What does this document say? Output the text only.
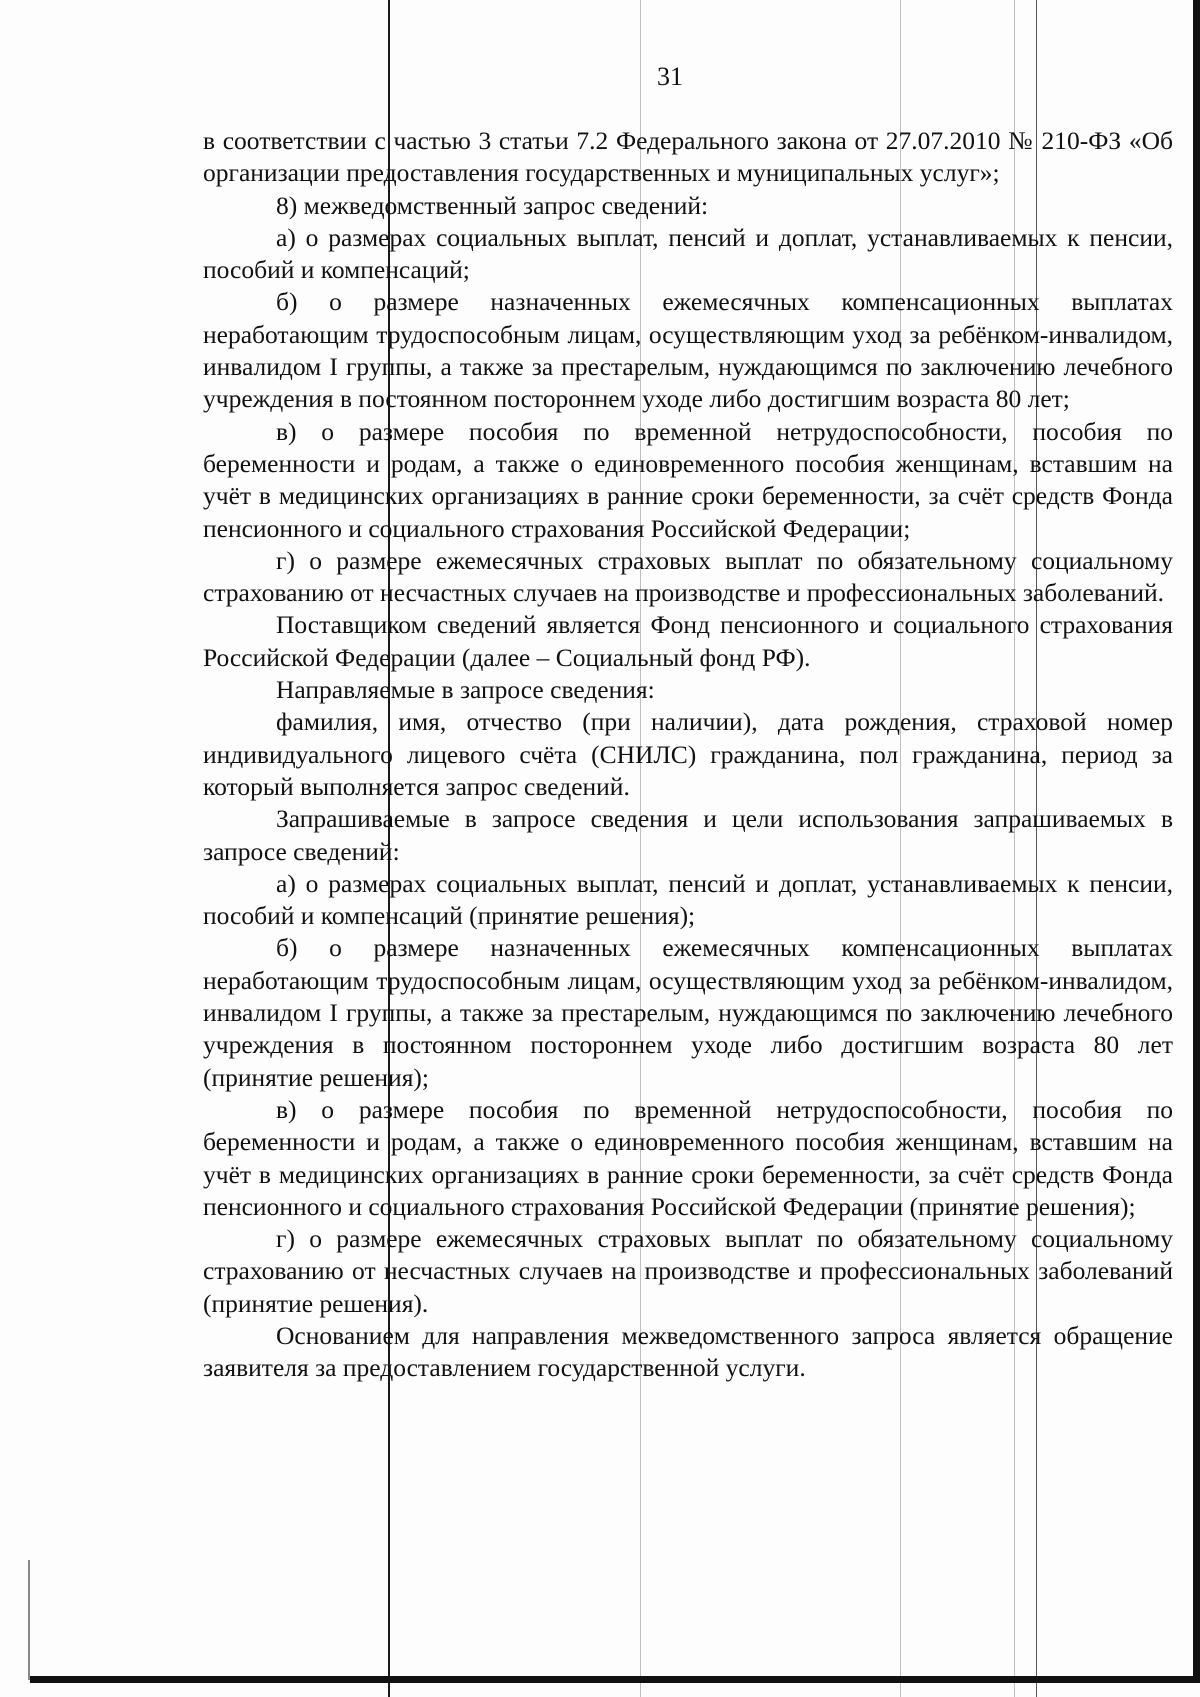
31

в соответствии с частью 3 статьи 7.2 Федерального закона от 27.07.2010 № 210-ФЗ «Об организации предоставления государственных и муниципальных услуг»;

8) межведомственный запрос сведений:

а) о размерах социальных выплат, пенсий и доплат, устанавливаемых к пенсии, пособий и компенсаций;

б) о размере назначенных ежемесячных компенсационных выплатах неработающим трудоспособным лицам, осуществляющим уход за ребёнком-инвалидом, инвалидом I группы, а также за престарелым, нуждающимся по заключению лечебного учреждения в постоянном постороннем уходе либо достигшим возраста 80 лет;

в) о размере пособия по временной нетрудоспособности, пособия по беременности и родам, а также о единовременного пособия женщинам, вставшим на учёт в медицинских организациях в ранние сроки беременности, за счёт средств Фонда пенсионного и социального страхования Российской Федерации;

г) о размере ежемесячных страховых выплат по обязательному социальному страхованию от несчастных случаев на производстве и профессиональных заболеваний.

Поставщиком сведений является Фонд пенсионного и социального страхования Российской Федерации (далее – Социальный фонд РФ).

Направляемые в запросе сведения:

фамилия, имя, отчество (при наличии), дата рождения, страховой номер индивидуального лицевого счёта (СНИЛС) гражданина, пол гражданина, период за который выполняется запрос сведений.

Запрашиваемые в запросе сведения и цели использования запрашиваемых в запросе сведений:

а) о размерах социальных выплат, пенсий и доплат, устанавливаемых к пенсии, пособий и компенсаций (принятие решения);

б) о размере назначенных ежемесячных компенсационных выплатах неработающим трудоспособным лицам, осуществляющим уход за ребёнком-инвалидом, инвалидом I группы, а также за престарелым, нуждающимся по заключению лечебного учреждения в постоянном постороннем уходе либо достигшим возраста 80 лет (принятие решения);

в) о размере пособия по временной нетрудоспособности, пособия по беременности и родам, а также о единовременного пособия женщинам, вставшим на учёт в медицинских организациях в ранние сроки беременности, за счёт средств Фонда пенсионного и социального страхования Российской Федерации (принятие решения);

г) о размере ежемесячных страховых выплат по обязательному социальному страхованию от несчастных случаев на производстве и профессиональных заболеваний (принятие решения).

Основанием для направления межведомственного запроса является обращение заявителя за предоставлением государственной услуги.
